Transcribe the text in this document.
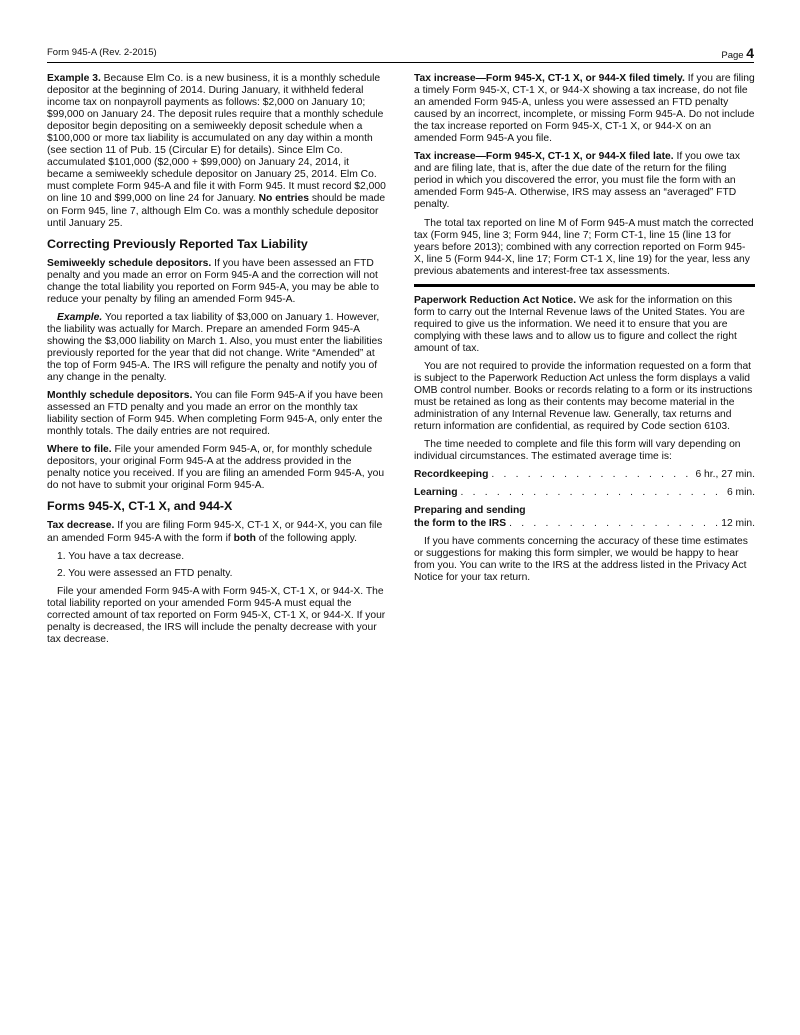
Form 945-A (Rev. 2-2015)	Page 4

Example 3. Because Elm Co. is a new business, it is a monthly schedule depositor at the beginning of 2014. During January, it withheld federal income tax on nonpayroll payments as follows: $2,000 on January 10; $99,000 on January 24. The deposit rules require that a monthly schedule depositor begin depositing on a semiweekly deposit schedule when a $100,000 or more tax liability is accumulated on any day within a month (see section 11 of Pub. 15 (Circular E) for details). Since Elm Co. accumulated $101,000 ($2,000 + $99,000) on January 24, 2014, it became a semiweekly schedule depositor on January 25, 2014. Elm Co. must complete Form 945-A and file it with Form 945. It must record $2,000 on line 10 and $99,000 on line 24 for January. No entries should be made on Form 945, line 7, although Elm Co. was a monthly schedule depositor until January 25.

Correcting Previously Reported Tax Liability

Semiweekly schedule depositors. If you have been assessed an FTD penalty and you made an error on Form 945-A and the correction will not change the total liability you reported on Form 945-A, you may be able to reduce your penalty by filing an amended Form 945-A.

Example. You reported a tax liability of $3,000 on January 1. However, the liability was actually for March. Prepare an amended Form 945-A showing the $3,000 liability on March 1. Also, you must enter the liabilities previously reported for the year that did not change. Write “Amended” at the top of Form 945-A. The IRS will refigure the penalty and notify you of any change in the penalty.

Monthly schedule depositors. You can file Form 945-A if you have been assessed an FTD penalty and you made an error on the monthly tax liability section of Form 945. When completing Form 945-A, only enter the monthly totals. The daily entries are not required.

Where to file. File your amended Form 945-A, or, for monthly schedule depositors, your original Form 945-A at the address provided in the penalty notice you received. If you are filing an amended Form 945-A, you do not have to submit your original Form 945-A.

Forms 945-X, CT-1 X, and 944-X

Tax decrease. If you are filing Form 945-X, CT-1 X, or 944-X, you can file an amended Form 945-A with the form if both of the following apply.

1. You have a tax decrease.
2. You were assessed an FTD penalty.

File your amended Form 945-A with Form 945-X, CT-1 X, or 944-X. The total liability reported on your amended Form 945-A must equal the corrected amount of tax reported on Form 945-X, CT-1 X, or 944-X. If your penalty is decreased, the IRS will include the penalty decrease with your tax decrease.

Tax increase—Form 945-X, CT-1 X, or 944-X filed timely. If you are filing a timely Form 945-X, CT-1 X, or 944-X showing a tax increase, do not file an amended Form 945-A, unless you were assessed an FTD penalty caused by an incorrect, incomplete, or missing Form 945-A. Do not include the tax increase reported on Form 945-X, CT-1 X, or 944-X on an amended Form 945-A you file.

Tax increase—Form 945-X, CT-1 X, or 944-X filed late. If you owe tax and are filing late, that is, after the due date of the return for the filing period in which you discovered the error, you must file the form with an amended Form 945-A. Otherwise, IRS may assess an “averaged” FTD penalty.

The total tax reported on line M of Form 945-A must match the corrected tax (Form 945, line 3; Form 944, line 7; Form CT-1, line 15 (line 13 for years before 2013); combined with any correction reported on Form 945-X, line 5 (Form 944-X, line 17; Form CT-1 X, line 19) for the year, less any previous abatements and interest-free tax assessments.

Paperwork Reduction Act Notice. We ask for the information on this form to carry out the Internal Revenue laws of the United States. You are required to give us the information. We need it to ensure that you are complying with these laws and to allow us to figure and collect the right amount of tax.

You are not required to provide the information requested on a form that is subject to the Paperwork Reduction Act unless the form displays a valid OMB control number. Books or records relating to a form or its instructions must be retained as long as their contents may become material in the administration of any Internal Revenue law. Generally, tax returns and return information are confidential, as required by Code section 6103.

The time needed to complete and file this form will vary depending on individual circumstances. The estimated average time is:

Recordkeeping . . .	6 hr., 27 min.
Learning . . .	6 min.
Preparing and sending
the form to the IRS . . .	12 min.

If you have comments concerning the accuracy of these time estimates or suggestions for making this form simpler, we would be happy to hear from you. You can write to the IRS at the address listed in the Privacy Act Notice for your tax return.
